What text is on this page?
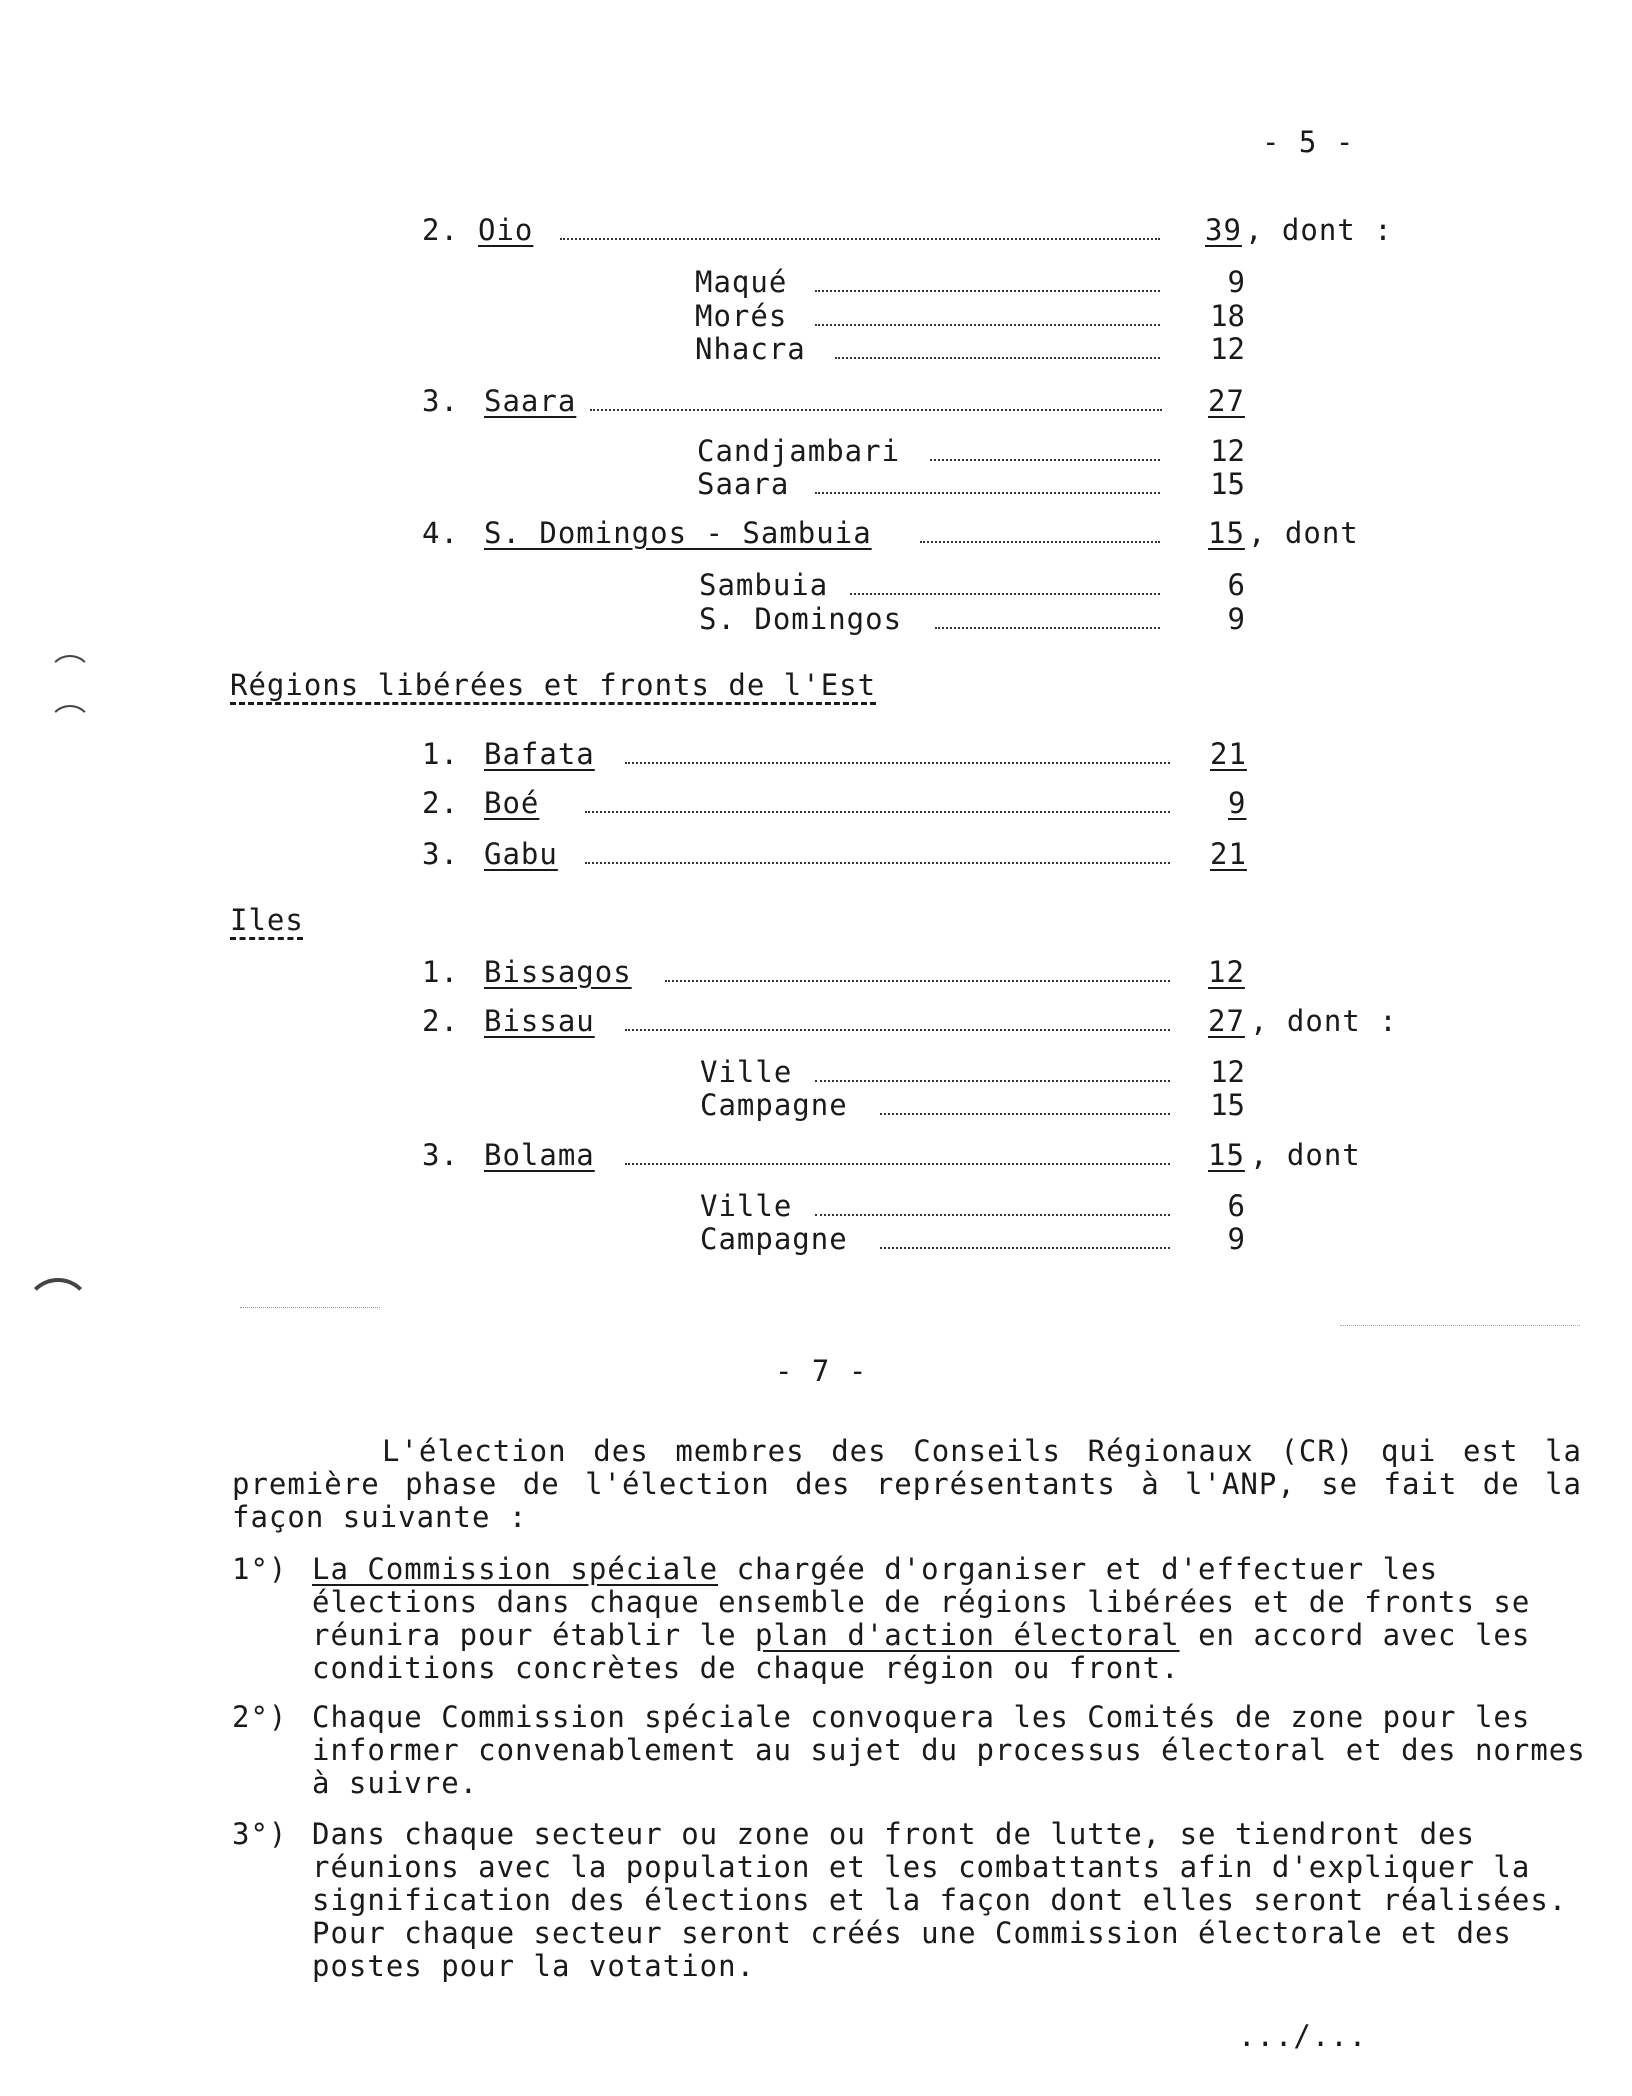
- 5 -
2. Oio	39 , dont :
Maqué	9
Morés	18
Nhacra	12
3. Saara	27
Candjambari	12
Saara	15
4. S. Domingos - Sambuia	15 , dont
Sambuia	6
S. Domingos	9
Régions libérées et fronts de l'Est
1. Bafata	21
2. Boé	9
3. Gabu	21
Iles
1. Bissagos	12
2. Bissau	27 , dont :
Ville	12
Campagne	15
3. Bolama	15 , dont
Ville	6
Campagne	9
- 7 -
L'élection des membres des Conseils Régionaux (CR) qui est la première phase de l'élection des représentants à l'ANP, se fait de la façon suivante :
1°) La Commission spéciale chargée d'organiser et d'effectuer les élections dans chaque ensemble de régions libérées et de fronts se réunira pour établir le plan d'action électoral en accord avec les conditions concrètes de chaque région ou front.
2°) Chaque Commission spéciale convoquera les Comités de zone pour les informer convenablement au sujet du processus électoral et des normes à suivre.
3°) Dans chaque secteur ou zone ou front de lutte, se tiendront des réunions avec la population et les combattants afin d'expliquer la signification des élections et la façon dont elles seront réalisées. Pour chaque secteur seront créés une Commission électorale et des postes pour la votation.
.../...
